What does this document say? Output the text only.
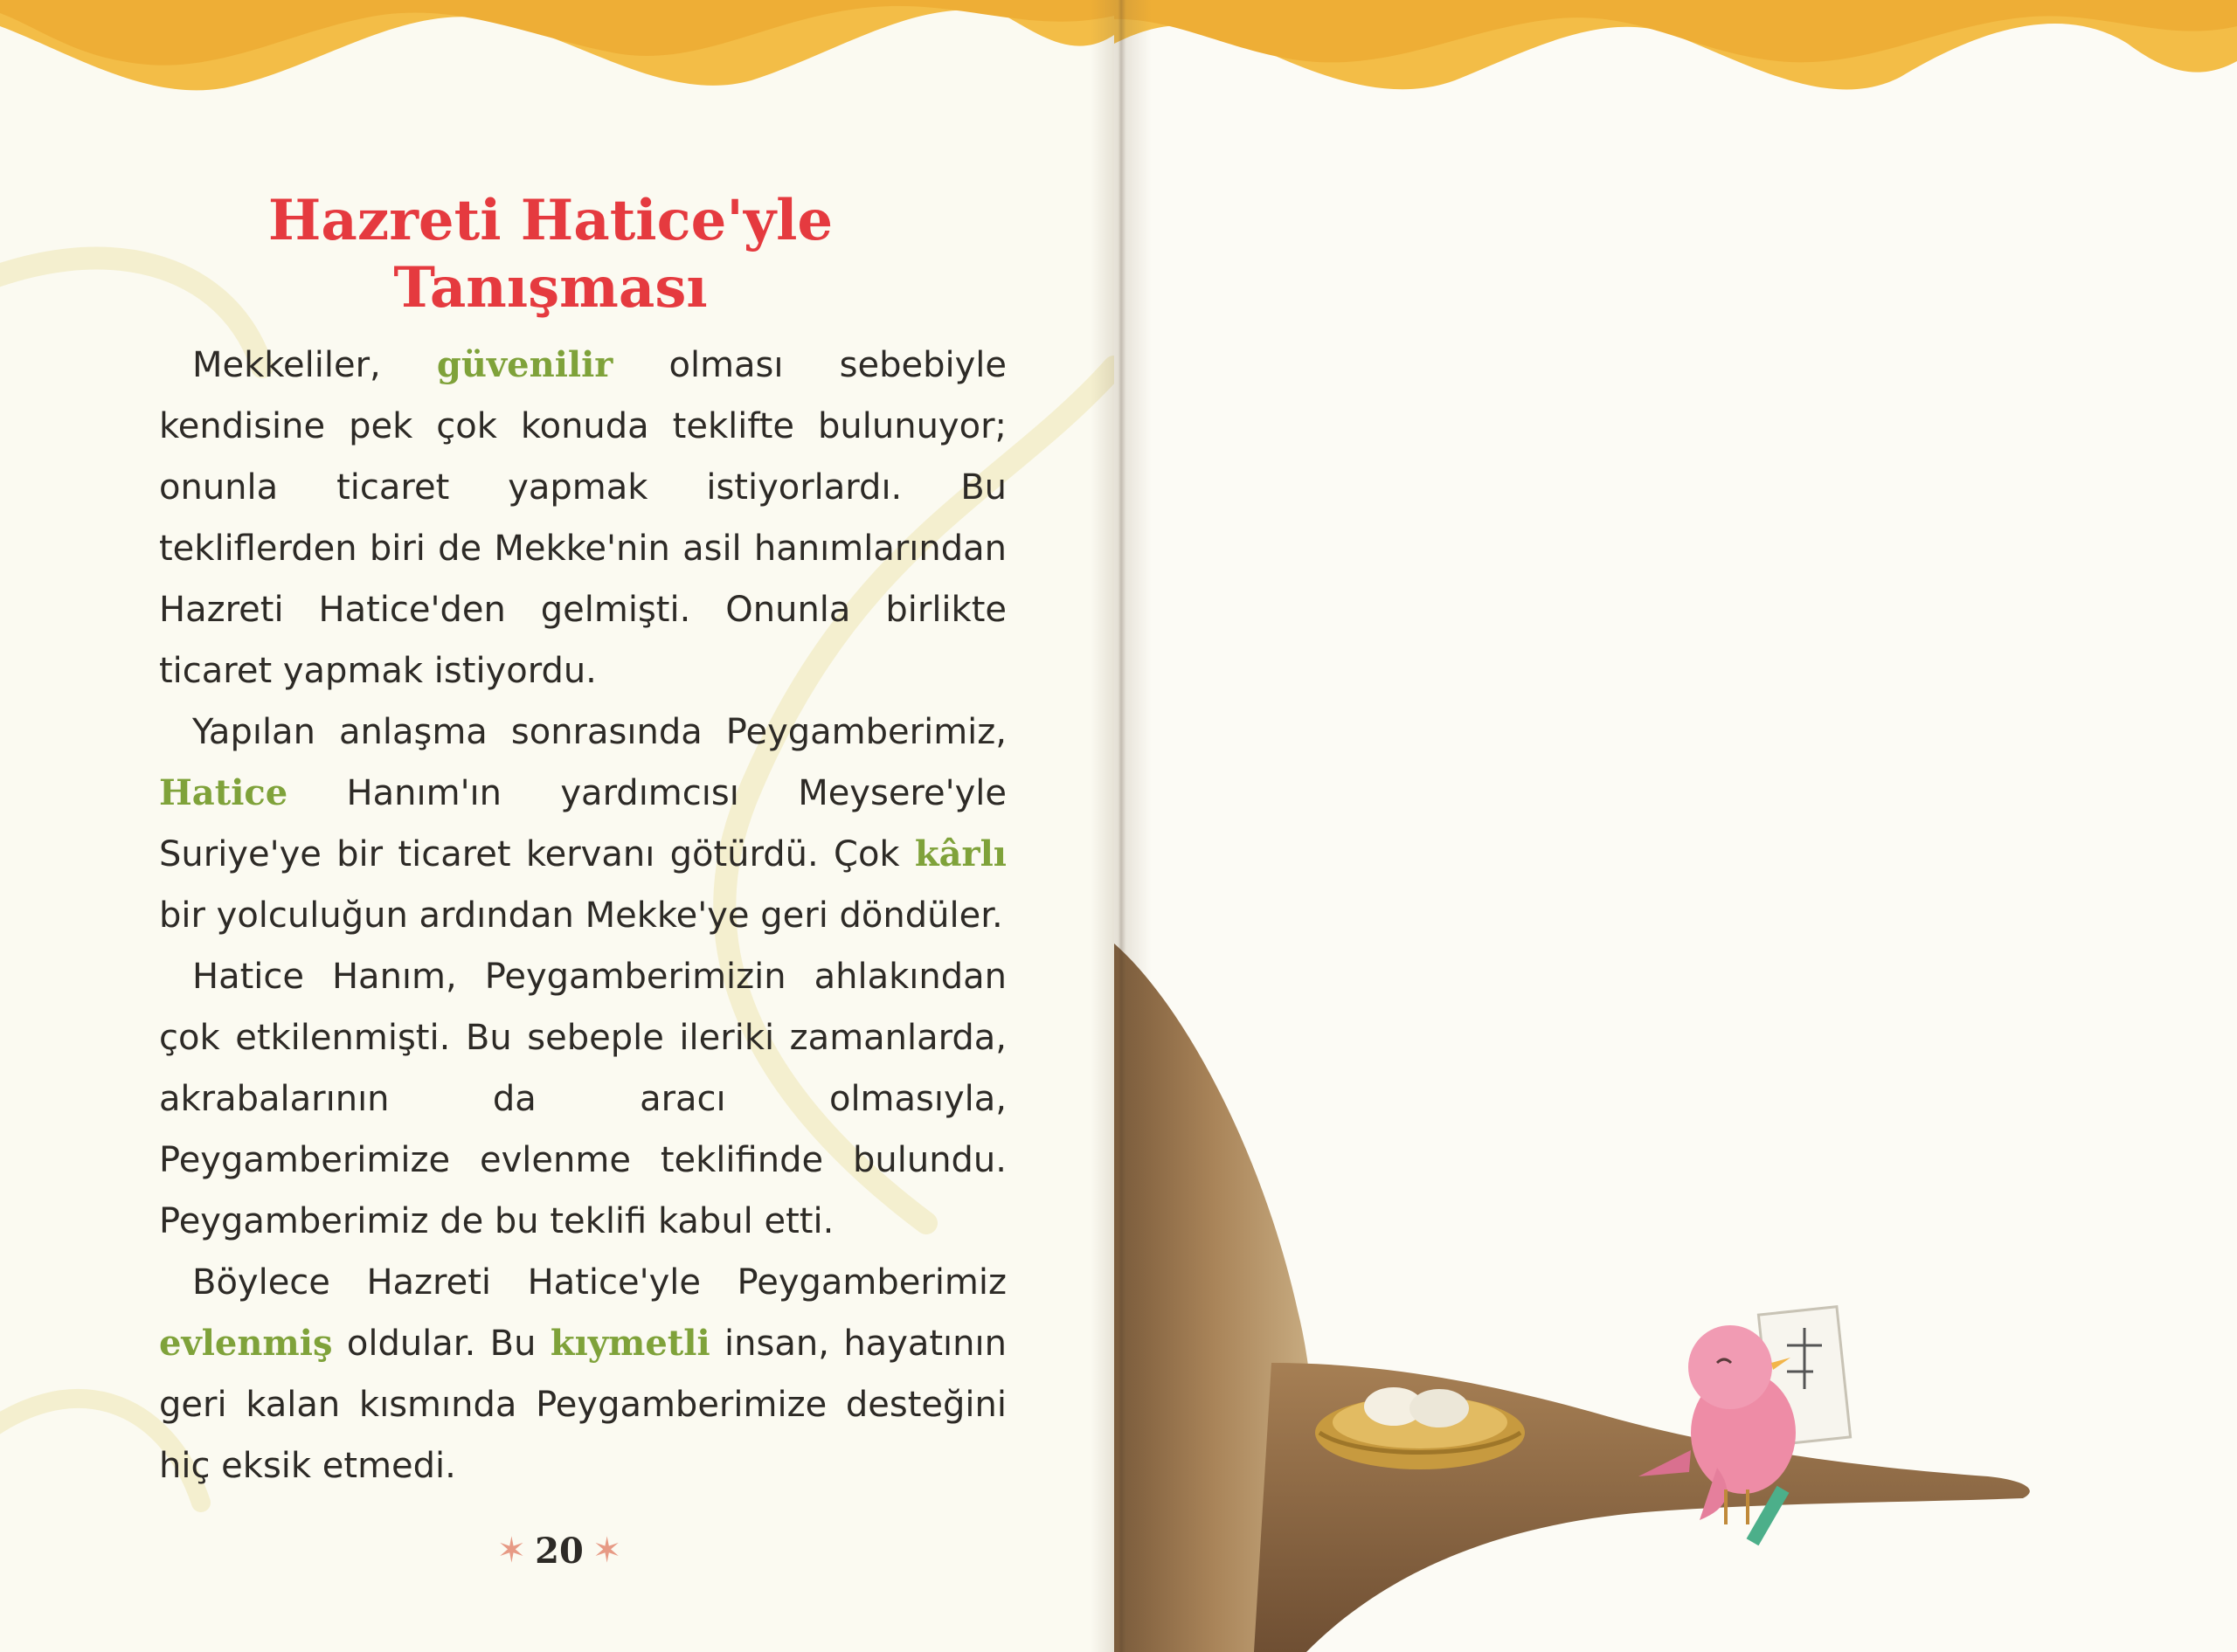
Hazreti Hatice'yle
Tanışması

Mekkeliler, güvenilir olması sebebiyle kendisine pek çok konuda teklifte bulunuyor; onunla ticaret yapmak istiyorlardı. Bu tekliflerden biri de Mekke'nin asil hanımlarından Hazreti Hatice'den gelmişti. Onunla birlikte ticaret yapmak istiyordu.

Yapılan anlaşma sonrasında Peygamberimiz, Hatice Hanım'ın yardımcısı Meysere'yle Suriye'ye bir ticaret kervanı götürdü. Çok kârlı bir yolculuğun ardından Mekke'ye geri döndüler.

Hatice Hanım, Peygamberimizin ahlakından çok etkilenmişti. Bu sebeple ileriki zamanlarda, akrabalarının da aracı olmasıyla, Peygamberimize evlenme teklifinde bulundu. Peygamberimiz de bu teklifi kabul etti.

Böylece Hazreti Hatice'yle Peygamberimiz evlenmiş oldular. Bu kıymetli insan, hayatının geri kalan kısmında Peygamberimize desteğini hiç eksik etmedi.

✶ 20 ✶
